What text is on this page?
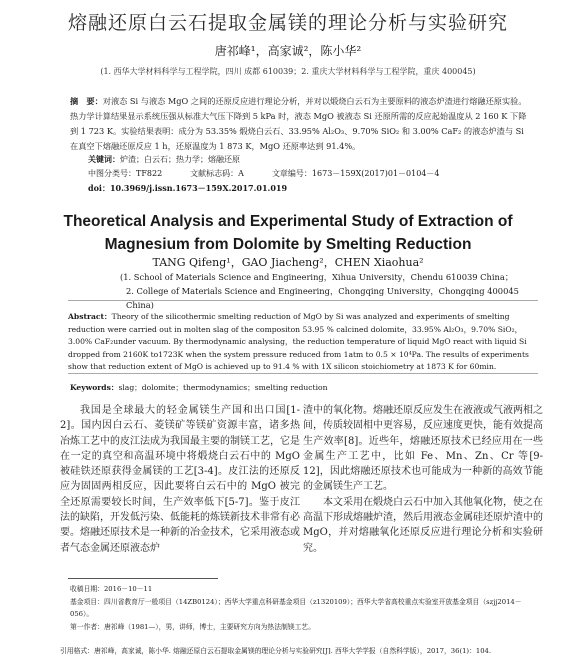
熔融还原白云石提取金属镁的理论分析与实验研究
唐祁峰¹，高家诚²，陈小华²
(1. 西华大学材料科学与工程学院，四川 成都 610039；2. 重庆大学材料科学与工程学院，重庆 400045)
摘　要：对液态 Si 与液态 MgO 之间的还原反应进行理论分析，并对以煅烧白云石为主要原料的液态炉渣进行熔融还原实验。热力学计算结果显示系统压强从标准大气压下降到 5 kPa 时，液态 MgO 被液态 Si 还原所需的反应起始温度从 2 160 K 下降到 1 723 K。实验结果表明：成分为 53.35% 煅烧白云石、33.95% Al₂O₃、9.70% SiO₂ 和 3.00% CaF₂ 的液态炉渣与 Si 在真空下熔融还原反应 1 h，还原温度为 1 873 K，MgO 还原率达到 91.4%。
关键词：炉渣；白云石；热力学；熔融还原
中图分类号：TF822	文献标志码：A	文章编号：1673－159X(2017)01－0104－4
doi：10.3969/j.issn.1673－159X.2017.01.019
Theoretical Analysis and Experimental Study of Extraction of
Magnesium from Dolomite by Smelting Reduction
TANG Qifeng¹，GAO Jiacheng²，CHEN Xiaohua²
(1. School of Materials Science and Engineering，Xihua University，Chendu 610039 China；
2. College of Materials Science and Engineering，Chongqing University，Chongqing 400045 China)
Abstract：Theory of the silicothermic smelting reduction of MgO by Si was analyzed and experiments of smelting reduction were carried out in molten slag of the compositon 53.95 % calcined dolomite，33.95% Al₂O₃，9.70% SiO₂，3.00% CaF₂under vacuum. By thermodynamic analysing，the reduction temperature of liquid MgO react with liquid Si dropped from 2160K to1723K when the system pressure reduced from 1atm to 0.5 × 10⁴Pa. The results of experiments show that reduction extent of MgO is achieved up to 91.4 % with 1X silicon stoichiometry at 1873 K for 60min.
Keywords：slag；dolomite；thermodynamics；smelting reduction

我国是全球最大的轻金属镁生产国和出口国[1-2]。国内因白云石、菱镁矿等镁矿资源丰富，诸多热冶炼工艺中的皮江法成为我国最主要的制镁工艺，它是在一定的真空和高温环境中将煅烧白云石中的 MgO 被硅铁还原获得金属镁的工艺[3-4]。皮江法的还原反应为固固两相反应，因此要将白云石中的 MgO 被完全还原需要较长时间，生产效率低下[5-7]。鉴于皮江法的缺陷，开发低污染、低能耗的炼镁新技术非常有必要。熔融还原技术是一种新的冶金技术，它采用液态或者气态金属还原液态炉

渣中的氧化物。熔融还原反应发生在液液或气液两相之间，传质较固相中更容易，反应速度更快，能有效提高生产效率[8]。近些年，熔融还原技术已经应用在一些金属生产工艺中，比如 Fe、Mn、Zn、Cr 等[9-12]，因此熔融还原技术也可能成为一种新的高效节能的金属镁生产工艺。

本文采用在煅烧白云石中加入其他氧化物，使之在高温下形成熔融炉渣，然后用液态金属硅还原炉渣中的 MgO，并对熔融氧化还原反应进行理论分析和实验研究。

收稿日期：2016－10－11
基金项目：四川省教育厅一般项目（14ZB0124）；西华大学重点科研基金项目（z1320109）；西华大学省高校重点实验室开放基金项目（szjj2014－056）。
第一作者：唐祁峰（1981—），男，讲师，博士，主要研究方向为热法制镁工艺。
引用格式：唐祁峰，高家诚，陈小华. 熔融还原白云石提取金属镁的理论分析与实验研究[J]. 西华大学学报（自然科学版），2017，36(1)：104.
